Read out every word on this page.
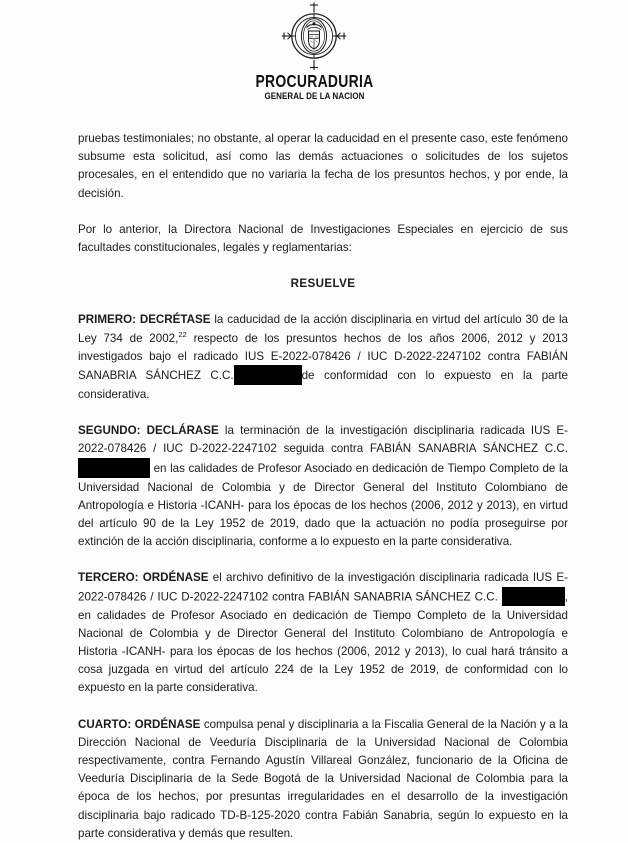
PROCURADURIA
GENERAL DE LA NACION

pruebas testimoniales; no obstante, al operar la caducidad en el presente caso, este fenómeno subsume esta solicitud, así como las demás actuaciones o solicitudes de los sujetos procesales, en el entendido que no variaria la fecha de los presuntos hechos, y por ende, la decisión.

Por lo anterior, la Directora Nacional de Investigaciones Especiales en ejercicio de sus facultades constitucionales, legales y reglamentarias:

RESUELVE

PRIMERO: DECRÉTASE la caducidad de la acción disciplinaria en virtud del artículo 30 de la Ley 734 de 2002,22 respecto de los presuntos hechos de los años 2006, 2012 y 2013 investigados bajo el radicado IUS E-2022-078426 / IUC D-2022-2247102 contra FABIÁN SANABRIA SÁNCHEZ C.C.	de conformidad con lo expuesto en la parte considerativa.

SEGUNDO: DECLÁRASE la terminación de la investigación disciplinaria radicada IUS E-2022-078426 / IUC D-2022-2247102 seguida contra FABIÁN SANABRIA SÁNCHEZ C.C.  en las calidades de Profesor Asociado en dedicación de Tiempo Completo de la Universidad Nacional de Colombia y de Director General del Instituto Colombiano de Antropología e Historia -ICANH- para los épocas de los hechos (2006, 2012 y 2013), en virtud del artículo 90 de la Ley 1952 de 2019, dado que la actuación no podía proseguirse por extinción de la acción disciplinaria, conforme a lo expuesto en la parte considerativa.

TERCERO: ORDÉNASE el archivo definitivo de la investigación disciplinaria radicada IUS E-2022-078426 / IUC D-2022-2247102 contra FABIÁN SANABRIA SÁNCHEZ C.C.	, en calidades de Profesor Asociado en dedicación de Tiempo Completo de la Universidad Nacional de Colombia y de Director General del Instituto Colombiano de Antropología e Historia -ICANH- para los épocas de los hechos (2006, 2012 y 2013), lo cual hará tránsito a cosa juzgada en virtud del artículo 224 de la Ley 1952 de 2019, de conformidad con lo expuesto en la parte considerativa.

CUARTO: ORDÉNASE compulsa penal y disciplinaria a la Fiscalia General de la Nación y a la Dirección Nacional de Veeduría Disciplinaria de la Universidad Nacional de Colombia respectivamente, contra Fernando Agustín Villareal González, funcionario de la Oficina de Veeduría Disciplinaria de la Sede Bogotá de la Universidad Nacional de Colombia para la época de los hechos, por presuntas irregularidades en el desarrollo de la investigación disciplinaria bajo radicado TD-B-125-2020 contra Fabián Sanabria, según lo expuesto en la parte considerativa y demás que resulten.
